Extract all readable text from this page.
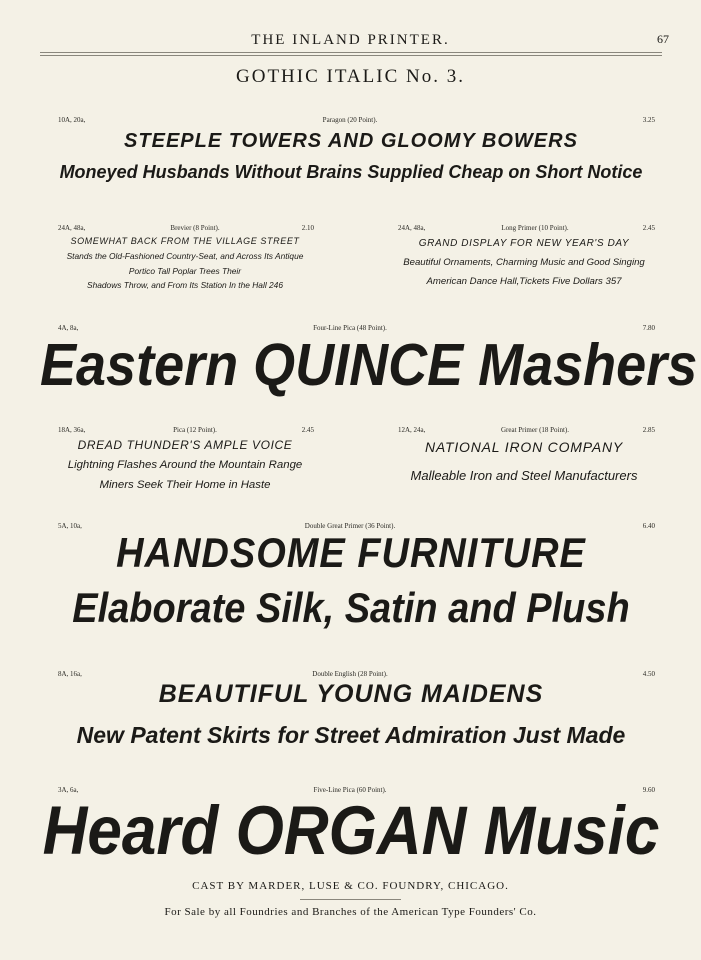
THE INLAND PRINTER.	67
GOTHIC ITALIC No. 3.
10A, 20a,	Paragon (20 Point).	3.25
STEEPLE TOWERS AND GLOOMY BOWERS
Moneyed Husbands Without Brains Supplied Cheap on Short Notice
24A, 48a,	Brevier (8 Point).	2.10
SOMEWHAT BACK FROM THE VILLAGE STREET
Stands the Old-Fashioned Country-Seat, and Across Its Antique
Portico Tall Poplar Trees Their
Shadows Throw, and From Its Station In the Hall 246
24A, 48a,	Long Primer (10 Point).	2.45
GRAND DISPLAY FOR NEW YEAR'S DAY
Beautiful Ornaments, Charming Music and Good Singing
American Dance Hall,Tickets Five Dollars 357
4A, 8a,	Four-Line Pica (48 Point).	7.80
Eastern QUINCE Mashers
18A, 36a,	Pica (12 Point).	2.45
DREAD THUNDER'S AMPLE VOICE
Lightning Flashes Around the Mountain Range
Miners Seek Their Home in Haste
12A, 24a,	Great Primer (18 Point).	2.85
NATIONAL IRON COMPANY
Malleable Iron and Steel Manufacturers
5A, 10a,	Double Great Primer (36 Point).	6.40
HANDSOME FURNITURE
Elaborate Silk, Satin and Plush
8A, 16a,	Double English (28 Point).	4.50
BEAUTIFUL YOUNG MAIDENS
New Patent Skirts for Street Admiration Just Made
3A, 6a,	Five-Line Pica (60 Point).	9.60
Heard ORGAN Music
CAST BY MARDER, LUSE & CO. FOUNDRY, CHICAGO.
For Sale by all Foundries and Branches of the American Type Founders' Co.
